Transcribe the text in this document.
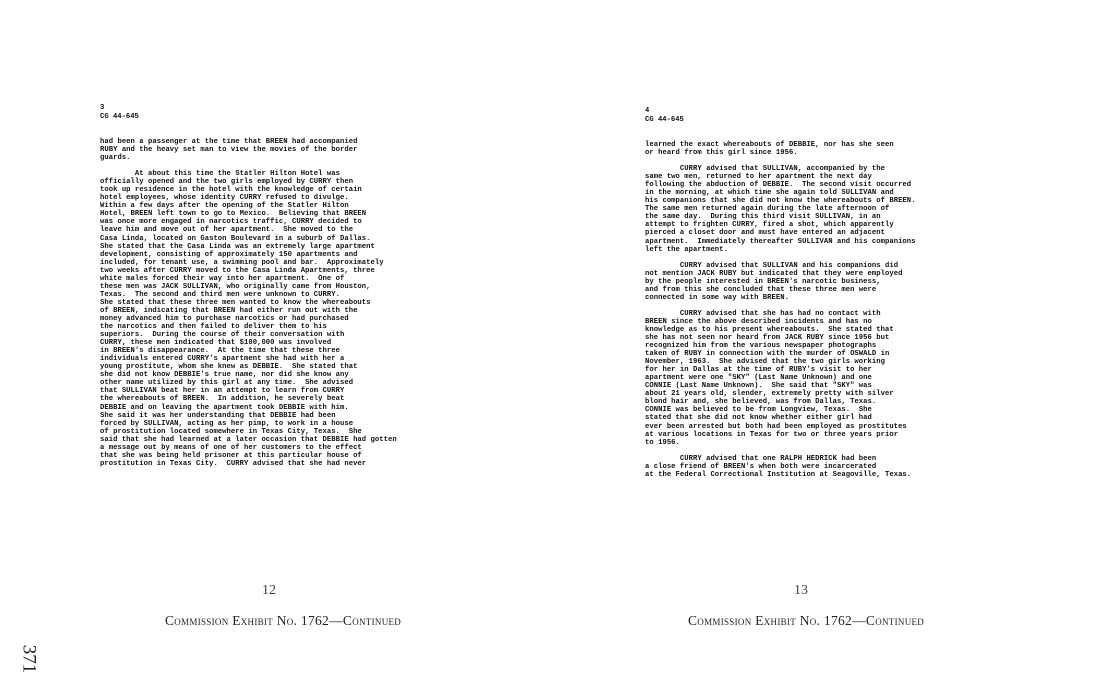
371
3
CG 44-645

had been a passenger at the time that BREEN had accompanied
RUBY and the heavy set man to view the movies of the border
guards.

At about this time the Statler Hilton Hotel was
officially opened and the two girls employed by CURRY then
took up residence in the hotel with the knowledge of certain
hotel employees, whose identity CURRY refused to divulge.
Within a few days after the opening of the Statler Hilton
Hotel, BREEN left town to go to Mexico.  Believing that BREEN
was once more engaged in narcotics traffic, CURRY decided to
leave him and move out of her apartment.  She moved to the
Casa Linda, located on Gaston Boulevard in a suburb of Dallas.
She stated that the Casa Linda was an extremely large apartment
development, consisting of approximately 150 apartments and
included, for tenant use, a swimming pool and bar.  Approximately
two weeks after CURRY moved to the Casa Linda Apartments, three
white males forced their way into her apartment.  One of
these men was JACK SULLIVAN, who originally came from Houston,
Texas.  The second and third men were unknown to CURRY.
She stated that these three men wanted to know the whereabouts
of BREEN, indicating that BREEN had either run out with the
money advanced him to purchase narcotics or had purchased
the narcotics and then failed to deliver them to his
superiors.  During the course of their conversation with
CURRY, these men indicated that $180,000 was involved
in BREEN's disappearance.  At the time that these three
individuals entered CURRY's apartment she had with her a
young prostitute, whom she knew as DEBBIE.  She stated that
she did not know DEBBIE's true name, nor did she know any
other name utilized by this girl at any time.  She advised
that SULLIVAN beat her in an attempt to learn from CURRY
the whereabouts of BREEN.  In addition, he severely beat
DEBBIE and on leaving the apartment took DEBBIE with him.
She said it was her understanding that DEBBIE had been
forced by SULLIVAN, acting as her pimp, to work in a house
of prostitution located somewhere in Texas City, Texas.  She
said that she had learned at a later occasion that DEBBIE had gotten
a message out by means of one of her customers to the effect
that she was being held prisoner at this particular house of
prostitution in Texas City.  CURRY advised that she had never

4
CG 44-645

learned the exact whereabouts of DEBBIE, nor has she seen
or heard from this girl since 1956.

CURRY advised that SULLIVAN, accompanied by the
same two men, returned to her apartment the next day
following the abduction of DEBBIE.  The second visit occurred
in the morning, at which time she again told SULLIVAN and
his companions that she did not know the whereabouts of BREEN.
The same men returned again during the late afternoon of
the same day.  During this third visit SULLIVAN, in an
attempt to frighten CURRY, fired a shot, which apparently
pierced a closet door and must have entered an adjacent
apartment.  Immediately thereafter SULLIVAN and his companions
left the apartment.

CURRY advised that SULLIVAN and his companions did
not mention JACK RUBY but indicated that they were employed
by the people interested in BREEN's narcotic business,
and from this she concluded that these three men were
connected in some way with BREEN.

CURRY advised that she has had no contact with
BREEN since the above described incidents and has no
knowledge as to his present whereabouts.  She stated that
she has not seen nor heard from JACK RUBY since 1956 but
recognized him from the various newspaper photographs
taken of RUBY in connection with the murder of OSWALD in
November, 1963.  She advised that the two girls working
for her in Dallas at the time of RUBY's visit to her
apartment were one "SKY" (Last Name Unknown) and one
CONNIE (Last Name Unknown).  She said that "SKY" was
about 21 years old, slender, extremely pretty with silver
blond hair and, she believed, was from Dallas, Texas.
CONNIE was believed to be from Longview, Texas.  She
stated that she did not know whether either girl had
ever been arrested but both had been employed as prostitutes
at various locations in Texas for two or three years prior
to 1956.

CURRY advised that one RALPH HEDRICK had been
a close friend of BREEN's when both were incarcerated
at the Federal Correctional Institution at Seagoville, Texas.

12	13
Commission Exhibit No. 1762—Continued	Commission Exhibit No. 1762—Continued
